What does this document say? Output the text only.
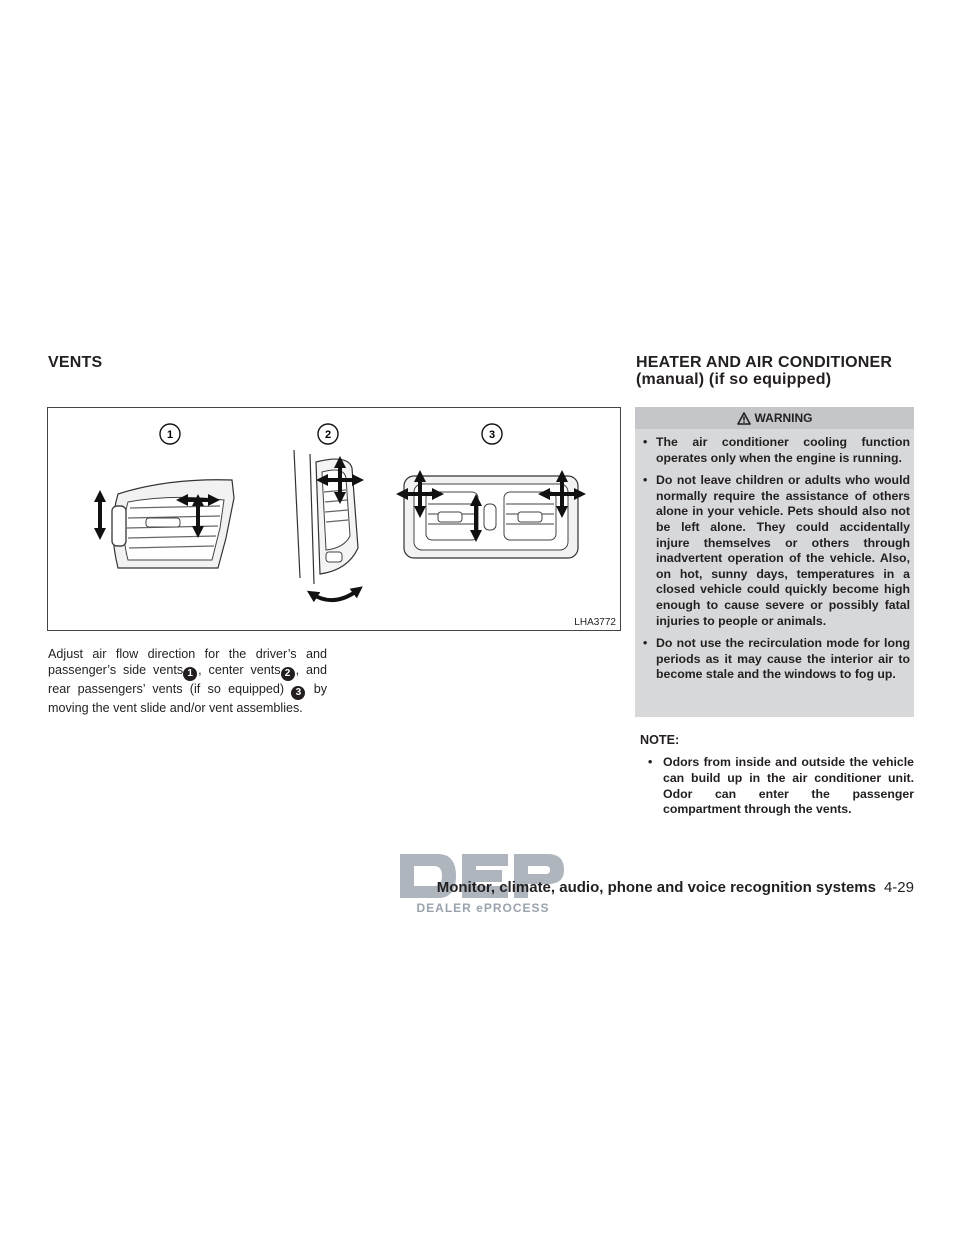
VENTS	HEATER AND AIR CONDITIONER (manual) (if so equipped)
1	2	3
LHA3772

Adjust air flow direction for the driver’s and passenger’s side vents 1 , center vents 2 , and rear passengers’ vents (if so equipped) 3 by moving the vent slide and/or vent assemblies.

WARNING
• The air conditioner cooling function operates only when the engine is running.
• Do not leave children or adults who would normally require the assistance of others alone in your vehicle. Pets should also not be left alone. They could accidentally injure themselves or others through inadvertent operation of the vehicle. Also, on hot, sunny days, temperatures in a closed vehicle could quickly become high enough to cause severe or possibly fatal injuries to people or animals.
• Do not use the recirculation mode for long periods as it may cause the interior air to become stale and the windows to fog up.
NOTE:
• Odors from inside and outside the vehicle can build up in the air conditioner unit. Odor can enter the passenger compartment through the vents.
DEALER ePROCESS
Monitor, climate, audio, phone and voice recognition systems 4-29
